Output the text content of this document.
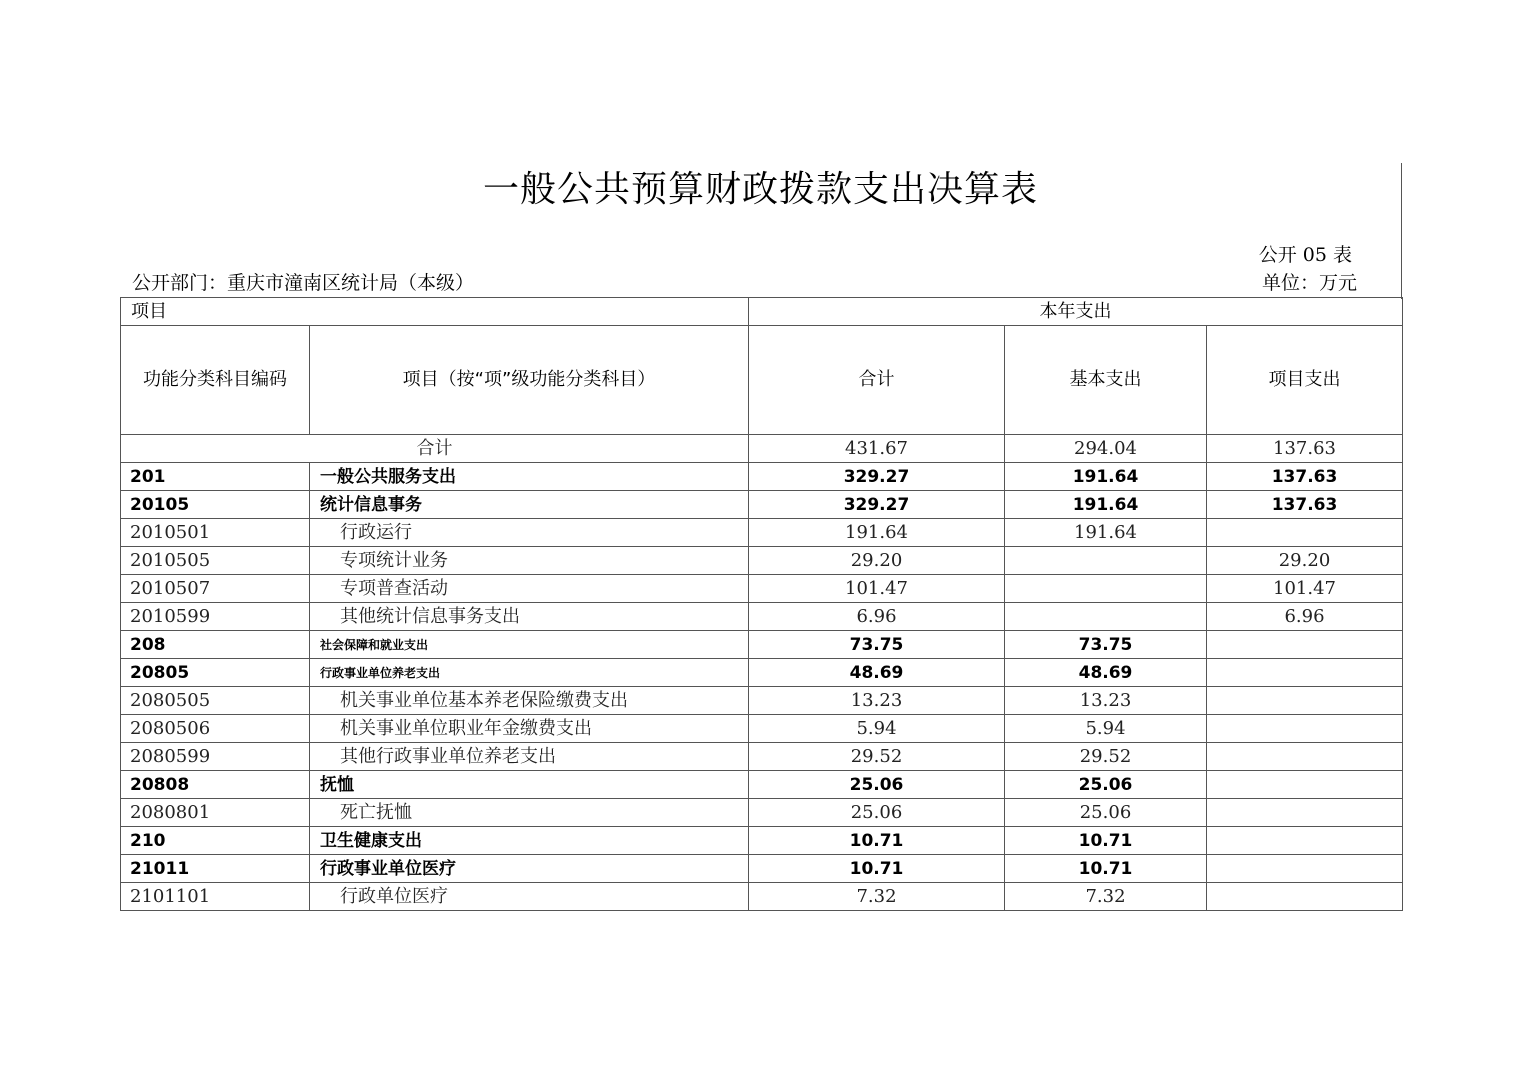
一般公共预算财政拨款支出决算表
公开 05 表
公开部门：重庆市潼南区统计局（本级）	单位：万元
项目		本年支出		
功能分类科目编码	项目（按“项”级功能分类科目）	合计	基本支出	项目支出
合计		431.67	294.04	137.63
201	一般公共服务支出	329.27	191.64	137.63
20105	统计信息事务	329.27	191.64	137.63
2010501	行政运行	191.64	191.64	
2010505	专项统计业务	29.20		29.20
2010507	专项普查活动	101.47		101.47
2010599	其他统计信息事务支出	6.96		6.96
208	社会保障和就业支出	73.75	73.75	
20805	行政事业单位养老支出	48.69	48.69	
2080505	机关事业单位基本养老保险缴费支出	13.23	13.23	
2080506	机关事业单位职业年金缴费支出	5.94	5.94	
2080599	其他行政事业单位养老支出	29.52	29.52	
20808	抚恤	25.06	25.06	
2080801	死亡抚恤	25.06	25.06	
210	卫生健康支出	10.71	10.71	
21011	行政事业单位医疗	10.71	10.71	
2101101	行政单位医疗	7.32	7.32	
